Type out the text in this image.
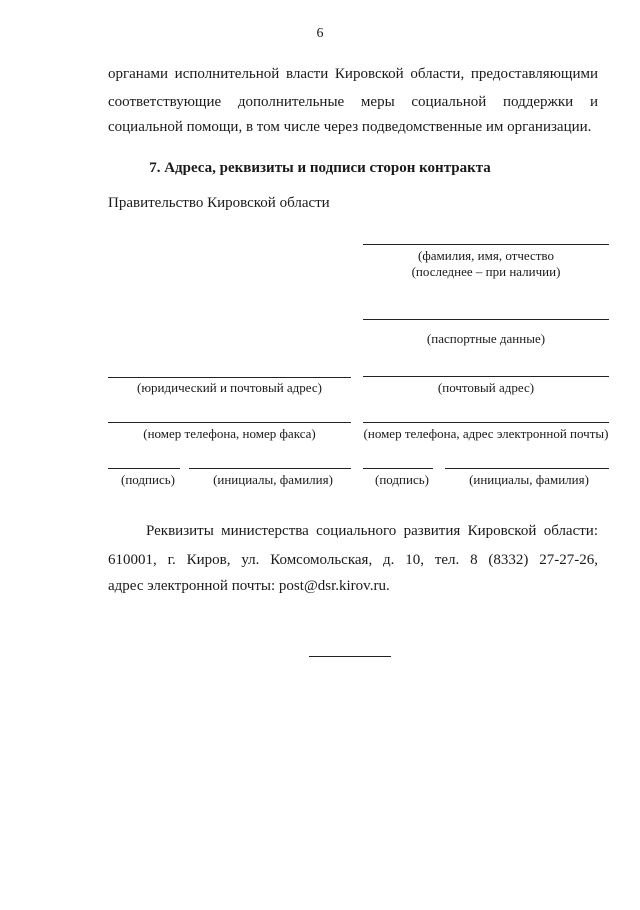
6
органами исполнительной власти Кировской области, предоставляющими
соответствующие дополнительные меры социальной поддержки и
социальной помощи, в том числе через подведомственные им организации.
7. Адреса, реквизиты и подписи сторон контракта
Правительство Кировской области
(фамилия, имя, отчество
(последнее – при наличии)
(паспортные данные)
(юридический и почтовый адрес)	(почтовый адрес)
(номер телефона, номер факса)	(номер телефона, адрес электронной почты)
(подпись)	(инициалы, фамилия)	(подпись)	(инициалы, фамилия)
Реквизиты министерства социального развития Кировской области:
610001, г. Киров, ул. Комсомольская, д. 10, тел. 8 (8332) 27-27-26,
адрес электронной почты: post@dsr.kirov.ru.
